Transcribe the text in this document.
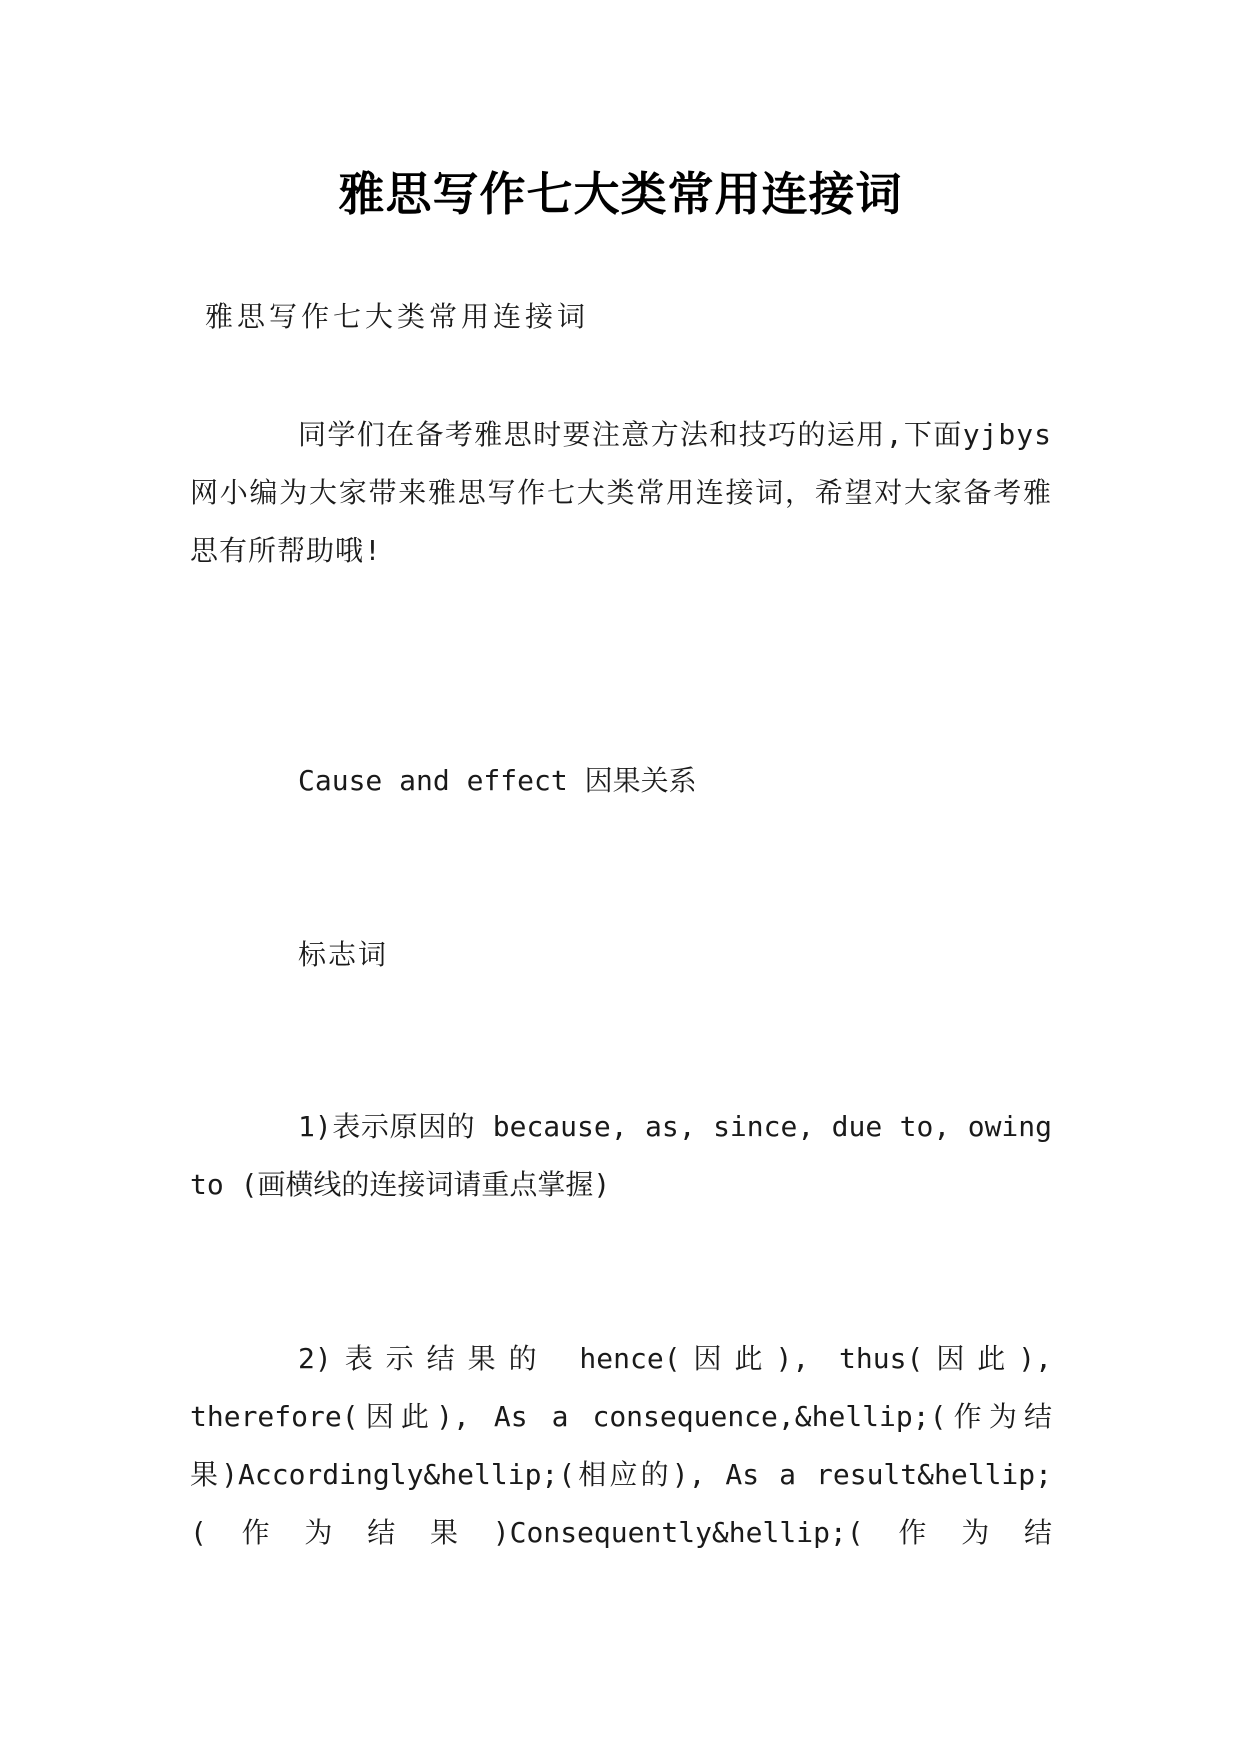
雅思写作七大类常用连接词
雅思写作七大类常用连接词
同学们在备考雅思时要注意方法和技巧的运用,下面yjbys网小编为大家带来雅思写作七大类常用连接词，希望对大家备考雅思有所帮助哦!
Cause and effect 因果关系
标志词
1)表示原因的 because, as, since, due to, owing to (画横线的连接词请重点掌握)
2)表示结果的 hence(因此), thus(因此), therefore(因此), As a consequence,&hellip;(作为结果)Accordingly&hellip;(相应的), As a result&hellip;(作为结果)Consequently&hellip;(作为结
